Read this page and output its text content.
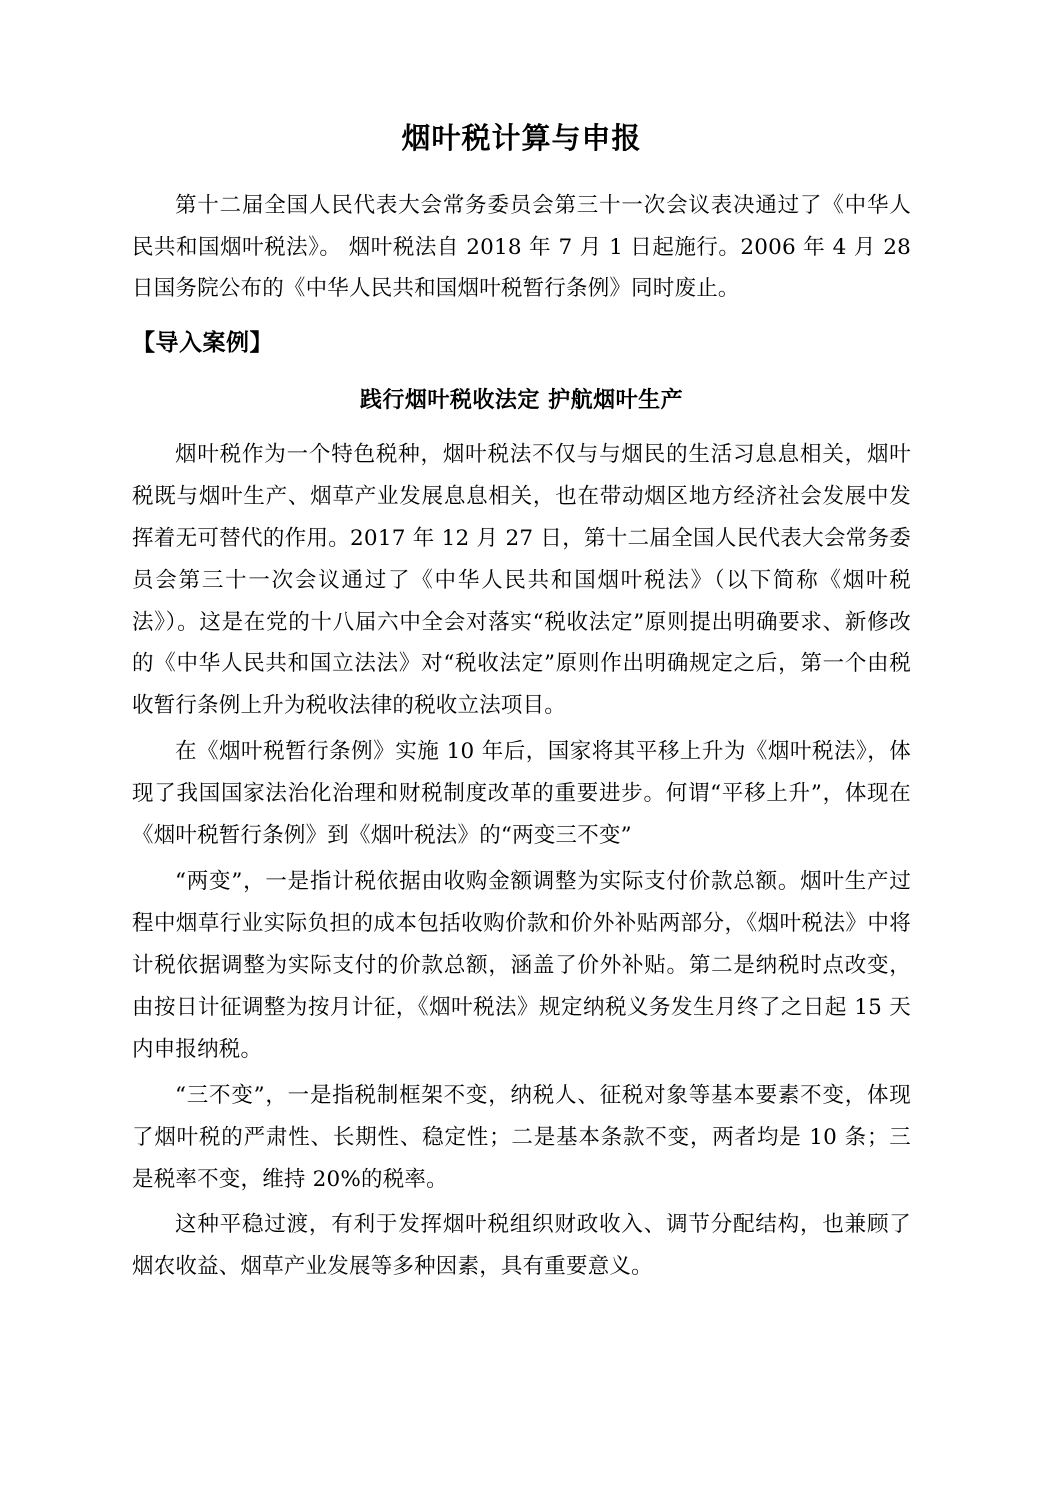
烟叶税计算与申报

第十二届全国人民代表大会常务委员会第三十一次会议表决通过了《中华人民共和国烟叶税法》。 烟叶税法自 2018 年 7 月 1 日起施行。2006 年 4 月 28 日国务院公布的《中华人民共和国烟叶税暂行条例》同时废止。

【导入案例】
践行烟叶税收法定 护航烟叶生产

烟叶税作为一个特色税种，烟叶税法不仅与与烟民的生活习息息相关，烟叶税既与烟叶生产、烟草产业发展息息相关，也在带动烟区地方经济社会发展中发挥着无可替代的作用。2017 年 12 月 27 日，第十二届全国人民代表大会常务委员会第三十一次会议通过了《中华人民共和国烟叶税法》（以下简称《烟叶税法》）。这是在党的十八届六中全会对落实“税收法定”原则提出明确要求、新修改的《中华人民共和国立法法》对“税收法定”原则作出明确规定之后，第一个由税收暂行条例上升为税收法律的税收立法项目。

在《烟叶税暂行条例》实施 10 年后，国家将其平移上升为《烟叶税法》，体现了我国国家法治化治理和财税制度改革的重要进步。何谓“平移上升”，体现在《烟叶税暂行条例》到《烟叶税法》的“两变三不变”

“两变”，一是指计税依据由收购金额调整为实际支付价款总额。烟叶生产过程中烟草行业实际负担的成本包括收购价款和价外补贴两部分，《烟叶税法》中将计税依据调整为实际支付的价款总额，涵盖了价外补贴。第二是纳税时点改变，由按日计征调整为按月计征，《烟叶税法》规定纳税义务发生月终了之日起 15 天内申报纳税。

“三不变”，一是指税制框架不变，纳税人、征税对象等基本要素不变，体现了烟叶税的严肃性、长期性、稳定性；二是基本条款不变，两者均是 10 条；三是税率不变，维持 20%的税率。

这种平稳过渡，有利于发挥烟叶税组织财政收入、调节分配结构，也兼顾了烟农收益、烟草产业发展等多种因素，具有重要意义。
